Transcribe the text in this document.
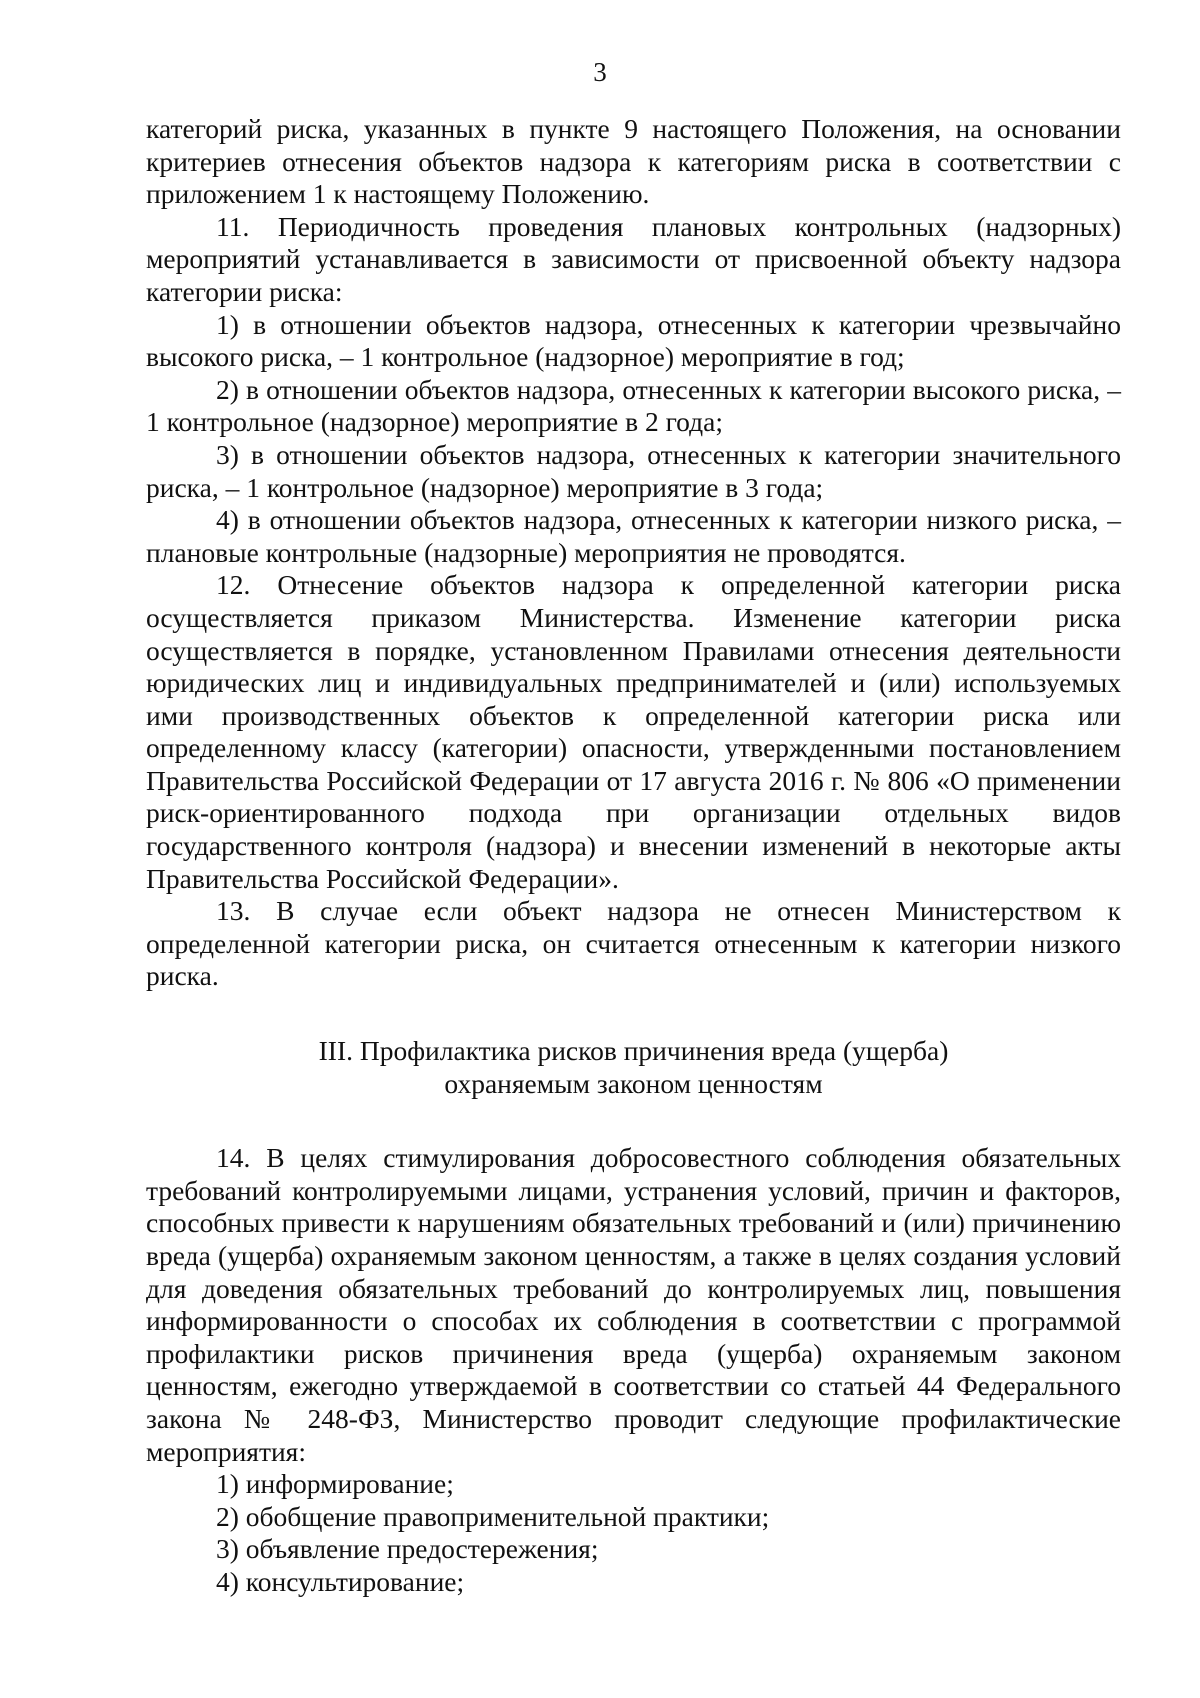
3

категорий риска, указанных в пункте 9 настоящего Положения, на основании критериев отнесения объектов надзора к категориям риска в соответствии с приложением 1 к настоящему Положению.

11. Периодичность проведения плановых контрольных (надзорных) мероприятий устанавливается в зависимости от присвоенной объекту надзора категории риска:

1) в отношении объектов надзора, отнесенных к категории чрезвычайно высокого риска, – 1 контрольное (надзорное) мероприятие в год;

2) в отношении объектов надзора, отнесенных к категории высокого риска, – 1 контрольное (надзорное) мероприятие в 2 года;

3) в отношении объектов надзора, отнесенных к категории значительного риска, – 1 контрольное (надзорное) мероприятие в 3 года;

4) в отношении объектов надзора, отнесенных к категории низкого риска, – плановые контрольные (надзорные) мероприятия не проводятся.

12. Отнесение объектов надзора к определенной категории риска осуществляется приказом Министерства. Изменение категории риска осуществляется в порядке, установленном Правилами отнесения деятельности юридических лиц и индивидуальных предпринимателей и (или) используемых ими производственных объектов к определенной категории риска или определенному классу (категории) опасности, утвержденными постановлением Правительства Российской Федерации от 17 августа 2016 г. № 806 «О применении риск-ориентированного подхода при организации отдельных видов государственного контроля (надзора) и внесении изменений в некоторые акты Правительства Российской Федерации».

13. В случае если объект надзора не отнесен Министерством к определенной категории риска, он считается отнесенным к категории низкого риска.

III. Профилактика рисков причинения вреда (ущерба)
охраняемым законом ценностям

14. В целях стимулирования добросовестного соблюдения обязательных требований контролируемыми лицами, устранения условий, причин и факторов, способных привести к нарушениям обязательных требований и (или) причинению вреда (ущерба) охраняемым законом ценностям, а также в целях создания условий для доведения обязательных требований до контролируемых лиц, повышения информированности о способах их соблюдения в соответствии с программой профилактики рисков причинения вреда (ущерба) охраняемым законом ценностям, ежегодно утверждаемой в соответствии со статьей 44 Федерального закона № 248-ФЗ, Министерство проводит следующие профилактические мероприятия:

1) информирование;

2) обобщение правоприменительной практики;

3) объявление предостережения;

4) консультирование;
